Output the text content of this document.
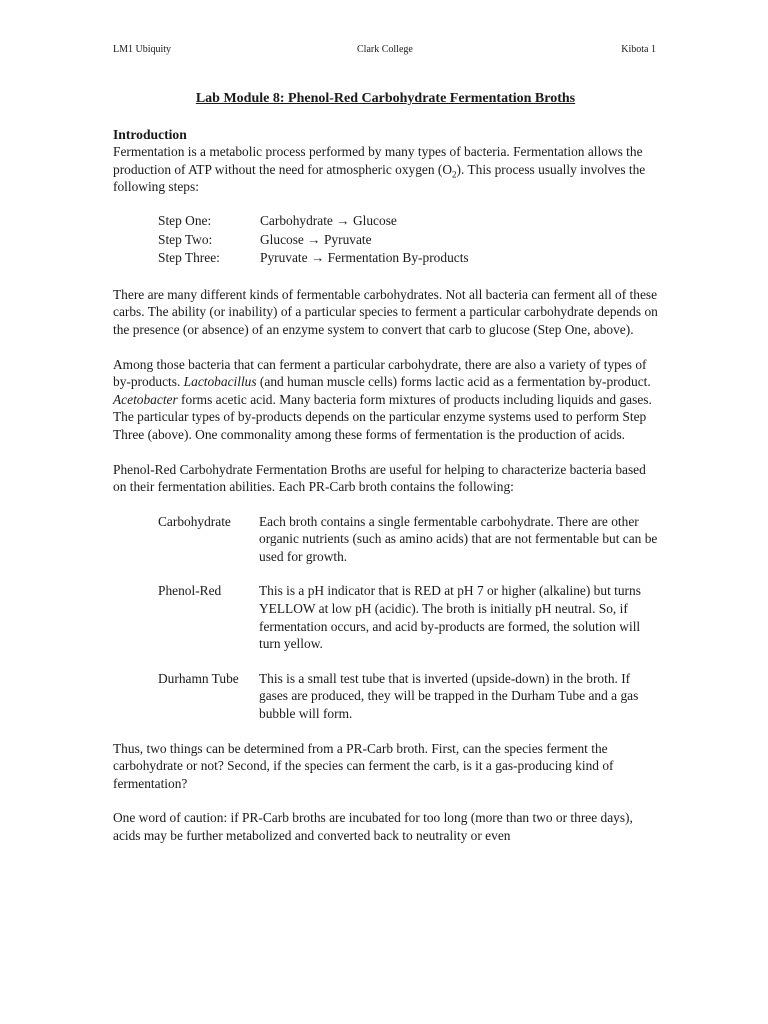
LM1 Ubiquity	Clark College	Kibota 1
Lab Module 8: Phenol-Red Carbohydrate Fermentation Broths
Introduction
Fermentation is a metabolic process performed by many types of bacteria. Fermentation allows the production of ATP without the need for atmospheric oxygen $(O_2)$. This process usually involves the following steps:
Step One:	Carbohydrate → Glucose
Step Two:	Glucose → Pyruvate
Step Three:	Pyruvate → Fermentation By-products

There are many different kinds of fermentable carbohydrates. Not all bacteria can ferment all of these carbs. The ability (or inability) of a particular species to ferment a particular carbohydrate depends on the presence (or absence) of an enzyme system to convert that carb to glucose (Step One, above).

Among those bacteria that can ferment a particular carbohydrate, there are also a variety of types of by-products. Lactobacillus (and human muscle cells) forms lactic acid as a fermentation by-product. Acetobacter forms acetic acid. Many bacteria form mixtures of products including liquids and gases. The particular types of by-products depends on the particular enzyme systems used to perform Step Three (above). One commonality among these forms of fermentation is the production of acids.

Phenol-Red Carbohydrate Fermentation Broths are useful for helping to characterize bacteria based on their fermentation abilities. Each PR-Carb broth contains the following:

Carbohydrate	Each broth contains a single fermentable carbohydrate. There are other organic nutrients (such as amino acids) that are not fermentable but can be used for growth.
Phenol-Red	This is a pH indicator that is RED at pH 7 or higher (alkaline) but turns YELLOW at low pH (acidic). The broth is initially pH neutral. So, if fermentation occurs, and acid by-products are formed, the solution will turn yellow.
Durhamn Tube	This is a small test tube that is inverted (upside-down) in the broth. If gases are produced, they will be trapped in the Durham Tube and a gas bubble will form.

Thus, two things can be determined from a PR-Carb broth. First, can the species ferment the carbohydrate or not? Second, if the species can ferment the carb, is it a gas-producing kind of fermentation?

One word of caution: if PR-Carb broths are incubated for too long (more than two or three days), acids may be further metabolized and converted back to neutrality or even
